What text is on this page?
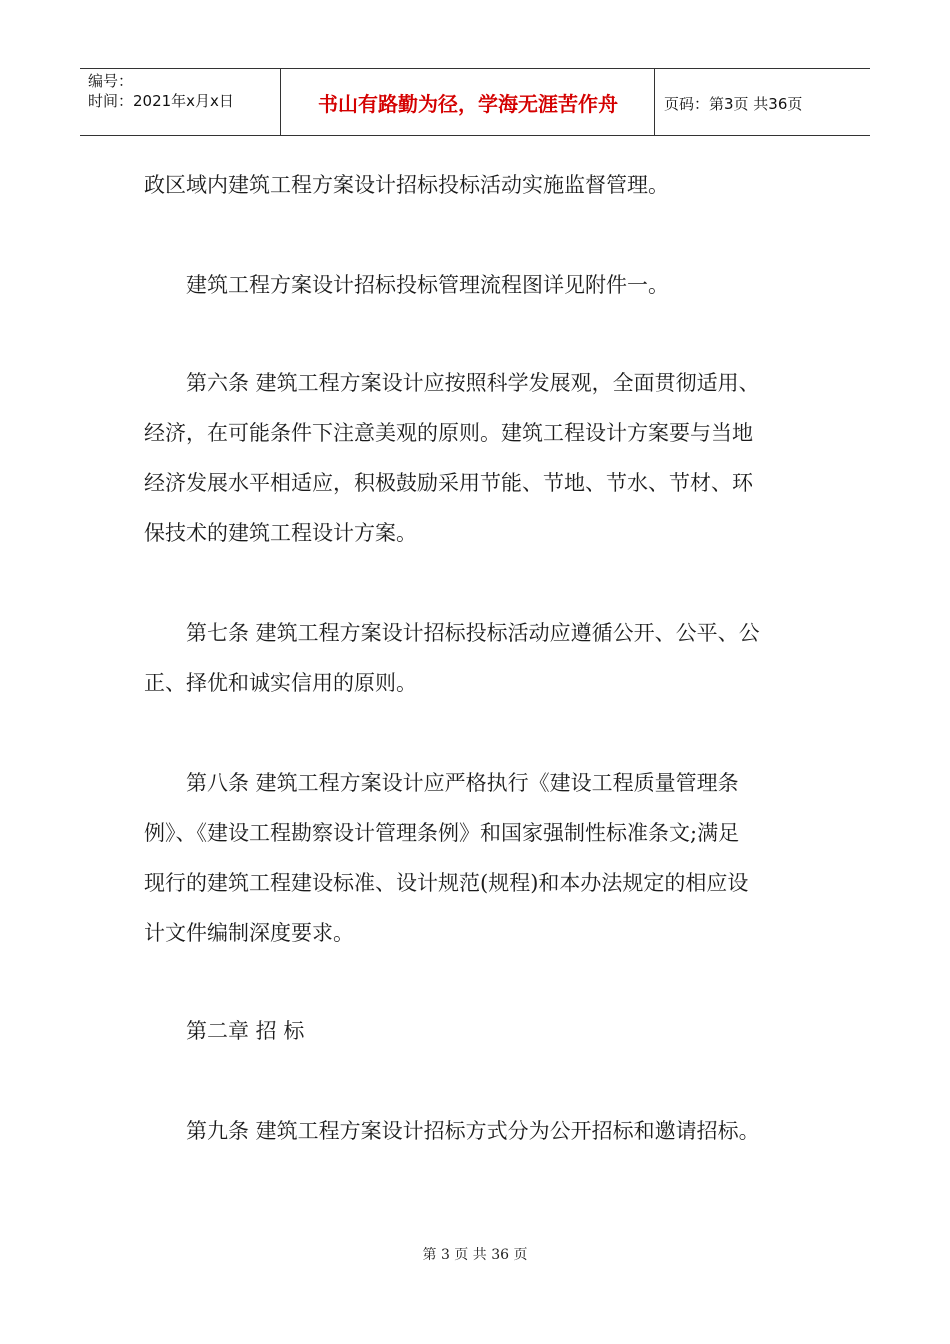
编号：
时间：2021年x月x日	书山有路勤为径，学海无涯苦作舟	页码：第3页 共36页
政区域内建筑工程方案设计招标投标活动实施监督管理。
　　建筑工程方案设计招标投标管理流程图详见附件一。
　　第六条 建筑工程方案设计应按照科学发展观，全面贯彻适用、
经济，在可能条件下注意美观的原则。建筑工程设计方案要与当地
经济发展水平相适应，积极鼓励采用节能、节地、节水、节材、环
保技术的建筑工程设计方案。
　　第七条 建筑工程方案设计招标投标活动应遵循公开、公平、公
正、择优和诚实信用的原则。
　　第八条 建筑工程方案设计应严格执行《建设工程质量管理条
例》、《建设工程勘察设计管理条例》和国家强制性标准条文;满足
现行的建筑工程建设标准、设计规范(规程)和本办法规定的相应设
计文件编制深度要求。
　　第二章 招 标
　　第九条 建筑工程方案设计招标方式分为公开招标和邀请招标。
第 3 页 共 36 页
